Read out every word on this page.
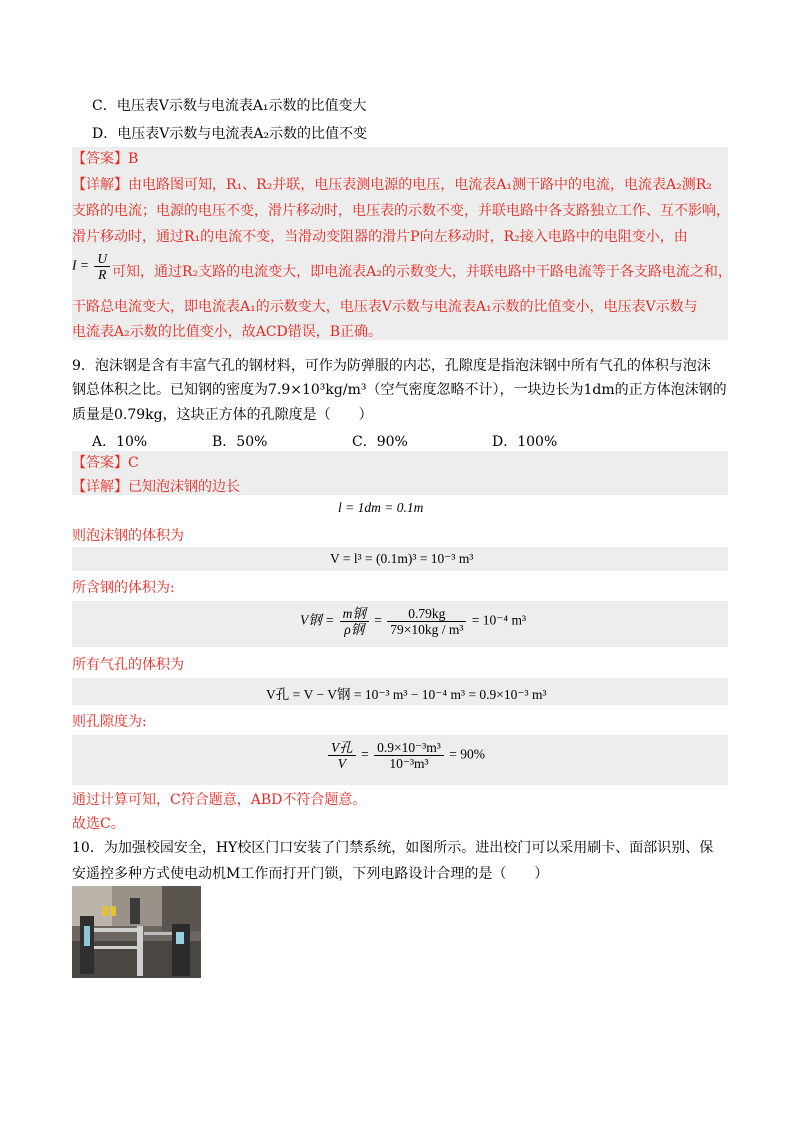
C．电压表Ⅴ示数与电流表A₁示数的比值变大
D．电压表Ⅴ示数与电流表A₂示数的比值不变
【答案】B
【详解】由电路图可知，R₁、R₂并联，电压表测电源的电压，电流表A₁测干路中的电流，电流表A₂测R₂
支路的电流；电源的电压不变，滑片移动时，电压表的示数不变，并联电路中各支路独立工作、互不影响，
滑片移动时，通过R₁的电流不变，当滑动变阻器的滑片P向左移动时，R₂接入电路中的电阻变小，由
$I = \frac{U}{R}$ 可知，通过R₂支路的电流变大，即电流表A₂的示数变大，并联电路中干路电流等于各支路电流之和，
干路总电流变大，即电流表A₁的示数变大，电压表Ⅴ示数与电流表A₁示数的比值变小，电压表Ⅴ示数与
电流表A₂示数的比值变小，故ACD错误，B正确。
9．泡沫钢是含有丰富气孔的钢材料，可作为防弹服的内芯，孔隙度是指泡沫钢中所有气孔的体积与泡沫
钢总体积之比。已知钢的密度为7.9×10³kg/m³（空气密度忽略不计），一块边长为1dm的正方体泡沫钢的
质量是0.79kg，这块正方体的孔隙度是（　　）
A．10%	B．50%	C．90%	D．100%
【答案】C
【详解】已知泡沫钢的边长
l = 1dm = 0.1m
则泡沫钢的体积为
V = l³ = (0.1m)³ = 10⁻³ m³
所含钢的体积为:
V钢 = $\frac{\text{m钢}}{\text{ρ钢}} = \frac{0.79kg}{\text{79×10kg / m³}} = 10^{-4}$ m³
所有气孔的体积为
V孔 = V − V钢 = 10⁻³ m³ − 10⁻⁴ m³ = 0.9×10⁻³ m³
则孔隙度为:
$\frac{\text{V孔}}{V} = \frac{\text{0.9×10⁻³m³}}{\text{10⁻³m³}} = 90\%$
通过计算可知，C符合题意，ABD不符合题意。
故选C。
10．为加强校园安全，HY校区门口安装了门禁系统，如图所示。进出校门可以采用刷卡、面部识别、保
安遥控多种方式使电动机M工作而打开门锁，下列电路设计合理的是（　　）
